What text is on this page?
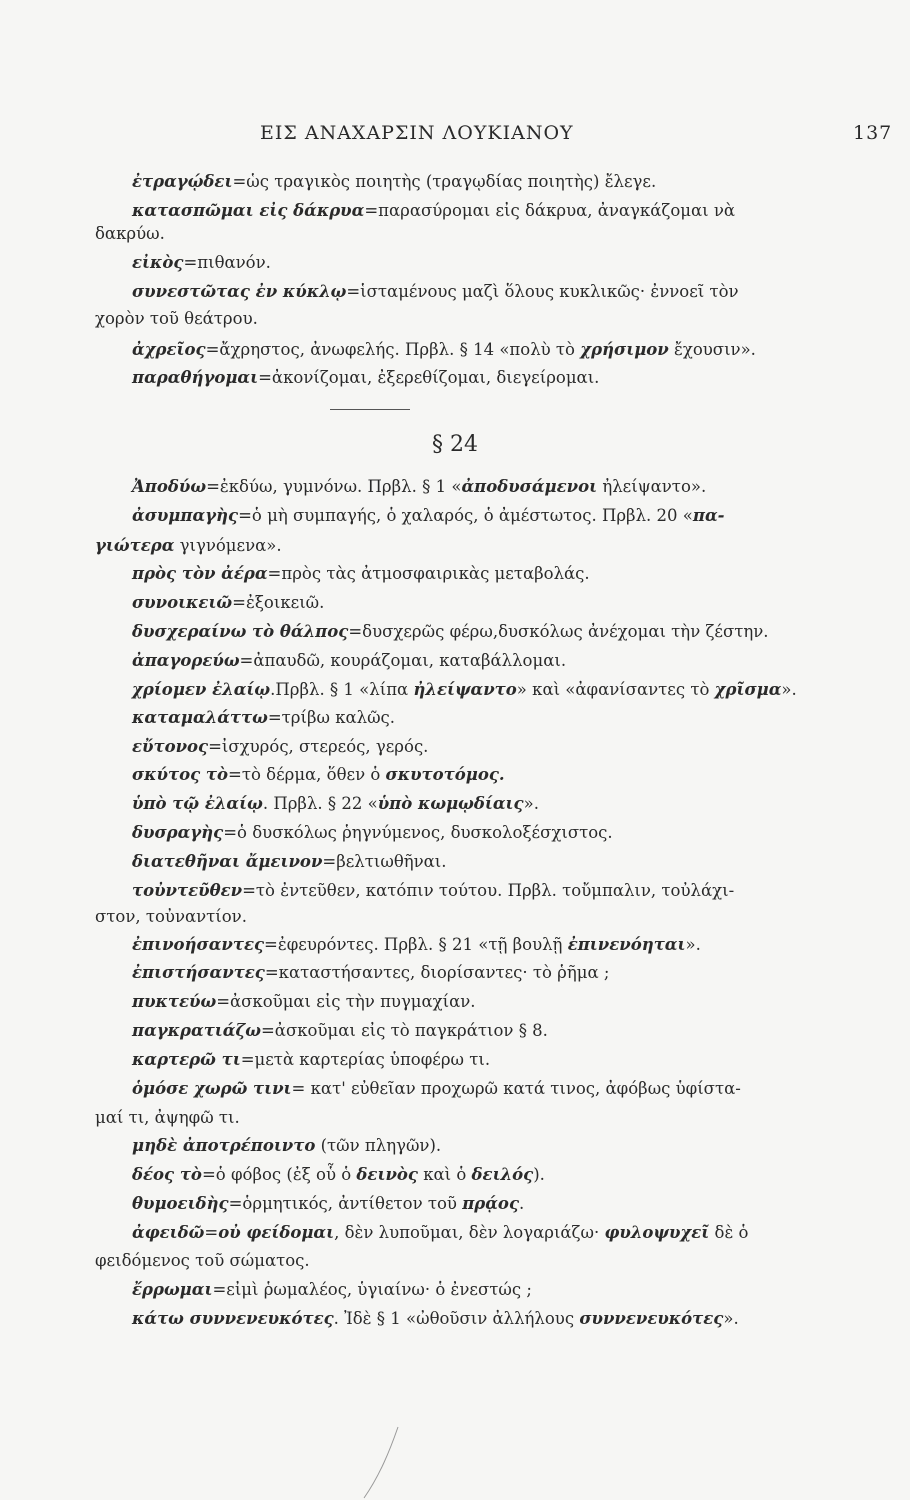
ΕΙΣ ΑΝΑΧΑΡΣΙΝ ΛΟΥΚΙΑΝΟΥ	137
§ 24
ἐτραγῴδει=ὡς τραγικὸς ποιητὴς (τραγῳδίας ποιητὴς) ἔλεγε.
κατασπῶμαι εἰς δάκρυα=παρασύρομαι εἰς δάκρυα, ἀναγκάζομαι νὰ
δακρύω.
εἰκὸς=πιθανόν.
συνεστῶτας ἐν κύκλῳ=ἱσταμένους μαζὶ ὅλους κυκλικῶς· ἐννοεῖ τὸν
χορὸν τοῦ θεάτρου.
ἀχρεῖος=ἄχρηστος, ἀνωφελής. Πρβλ. § 14 «πολὺ τὸ χρήσιμον ἔχουσιν».
παραθήγομαι=ἀκονίζομαι, ἐξερεθίζομαι, διεγείρομαι.
Ἀποδύω=ἐκδύω, γυμνόνω. Πρβλ. § 1 «ἀποδυσάμενοι ἠλείψαντο».
ἀσυμπαγὴς=ὁ μὴ συμπαγής, ὁ χαλαρός, ὁ ἀμέστωτος. Πρβλ. 20 «πα-
γιώτερα γιγνόμενα».
πρὸς τὸν ἀέρα=πρὸς τὰς ἀτμοσφαιρικὰς μεταβολάς.
συνοικειῶ=ἐξοικειῶ.
δυσχεραίνω τὸ θάλπος=δυσχερῶς φέρω,δυσκόλως ἀνέχομαι τὴν ζέστην.
ἀπαγορεύω=ἀπαυδῶ, κουράζομαι, καταβάλλομαι.
χρίομεν ἐλαίῳ.Πρβλ. § 1 «λίπα ἠλείψαντο» καὶ «ἀφανίσαντες τὸ χρῖσμα».
καταμαλάττω=τρίβω καλῶς.
εὔτονος=ἰσχυρός, στερεός, γερός.
σκύτος τὸ=τὸ δέρμα, ὅθεν ὁ σκυτοτόμος.
ὑπὸ τῷ ἐλαίῳ. Πρβλ. § 22 «ὑπὸ κωμῳδίαις».
δυσραγὴς=ὁ δυσκόλως ῥηγνύμενος, δυσκολοξέσχιστος.
διατεθῆναι ἄμεινον=βελτιωθῆναι.
τοὐντεῦθεν=τὸ ἐντεῦθεν, κατόπιν τούτου. Πρβλ. τοὔμπαλιν, τοὐλάχι-
στον, τοὐναντίον.
ἐπινοήσαντες=ἐφευρόντες. Πρβλ. § 21 «τῇ βουλῇ ἐπινενόηται».
ἐπιστήσαντες=καταστήσαντες, διορίσαντες· τὸ ῥῆμα ;
πυκτεύω=ἀσκοῦμαι εἰς τὴν πυγμαχίαν.
παγκρατιάζω=ἀσκοῦμαι εἰς τὸ παγκράτιον § 8.
καρτερῶ τι=μετὰ καρτερίας ὑποφέρω τι.
ὁμόσε χωρῶ τινι= κατ' εὐθεῖαν προχωρῶ κατά τινος, ἀφόβως ὑφίστα-
μαί τι, ἀψηφῶ τι.
μηδὲ ἀποτρέποιντο (τῶν πληγῶν).
δέος τὸ=ὁ φόβος (ἐξ οὗ ὁ δεινὸς καὶ ὁ δειλός).
θυμοειδὴς=ὁρμητικός, ἀντίθετον τοῦ πρᾴος.
ἀφειδῶ=οὐ φείδομαι, δὲν λυποῦμαι, δὲν λογαριάζω· φυλοψυχεῖ δὲ ὁ
φειδόμενος τοῦ σώματος.
ἔρρωμαι=εἰμὶ ῥωμαλέος, ὑγιαίνω· ὁ ἐνεστώς ;
κάτω συννενευκότες. Ἰδὲ § 1 «ὠθοῦσιν ἀλλήλους συννενευκότες».
